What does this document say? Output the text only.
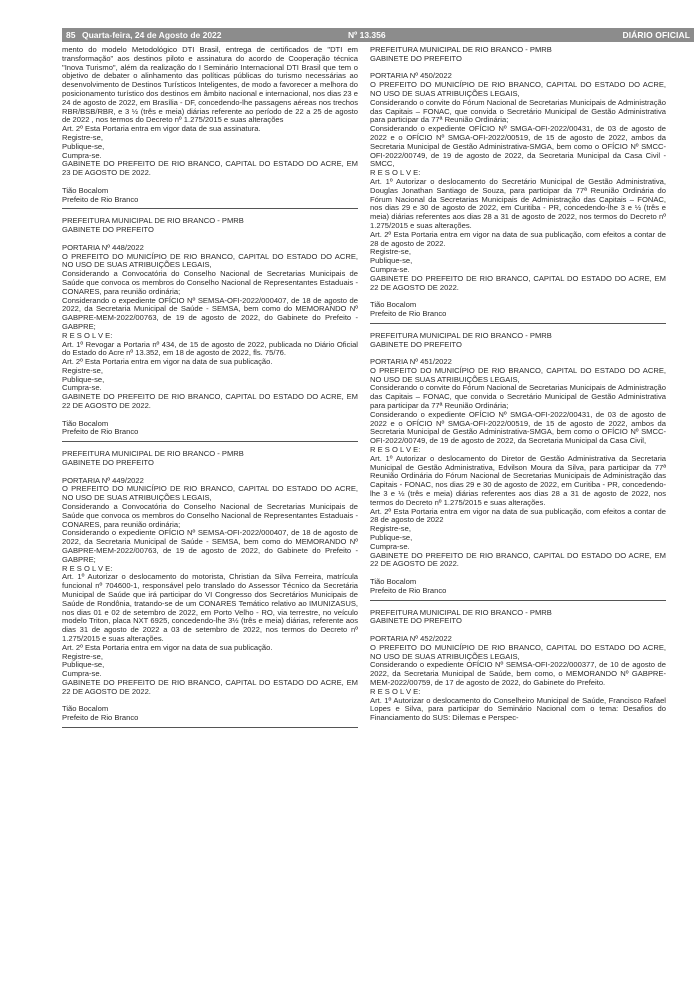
85 Quarta-feira, 24 de Agosto de 2022	Nº 13.356	DIÁRIO OFICIAL

mento do modelo Metodológico DTI Brasil, entrega de certificados de "DTI em transformação" aos destinos piloto e assinatura do acordo de Cooperação técnica "Inova Turismo", além da realização do I Seminário Internacional DTI Brasil que tem o objetivo de debater o alinhamento das políticas públicas do turismo necessárias ao desenvolvimento de Destinos Turísticos Inteligentes, de modo a favorecer a melhora do posicionamento turístico dos destinos em âmbito nacional e internacional, nos dias 23 e 24 de agosto de 2022, em Brasília - DF, concedendo-lhe passagens aéreas nos trechos RBR/BSB/RBR, e 3 ½ (três e meia) diárias referente ao período de 22 a 25 de agosto de 2022 , nos termos do Decreto nº 1.275/2015 e suas alterações

Art. 2º Esta Portaria entra em vigor data de sua assinatura.

Registre-se,

Publique-se,

Cumpra-se.

GABINETE DO PREFEITO DE RIO BRANCO, CAPITAL DO ESTADO DO ACRE, EM 23 DE AGOSTO DE 2022.

Tião Bocalom

Prefeito de Rio Branco

PREFEITURA MUNICIPAL DE RIO BRANCO - PMRB

GABINETE DO PREFEITO

PORTARIA Nº 448/2022

O PREFEITO DO MUNICÍPIO DE RIO BRANCO, CAPITAL DO ESTADO DO ACRE, NO USO DE SUAS ATRIBUIÇÕES LEGAIS,

Considerando a Convocatória do Conselho Nacional de Secretarias Municipais de Saúde que convoca os membros do Conselho Nacional de Representantes Estaduais - CONARES, para reunião ordinária;

Considerando o expediente OFÍCIO Nº SEMSA-OFI-2022/000407, de 18 de agosto de 2022, da Secretaria Municipal de Saúde - SEMSA, bem como do MEMORANDO Nº GABPRE-MEM-2022/00763, de 19 de agosto de 2022, do Gabinete do Prefeito - GABPRE;

R E S O L V E:

Art. 1º Revogar a Portaria nº 434, de 15 de agosto de 2022, publicada no Diário Oficial do Estado do Acre nº 13.352, em 18 de agosto de 2022, fls. 75/76.

Art. 2º Esta Portaria entra em vigor na data de sua publicação.

Registre-se,

Publique-se,

Cumpra-se.

GABINETE DO PREFEITO DE RIO BRANCO, CAPITAL DO ESTADO DO ACRE, EM 22 DE AGOSTO DE 2022.

Tião Bocalom

Prefeito de Rio Branco

PREFEITURA MUNICIPAL DE RIO BRANCO - PMRB

GABINETE DO PREFEITO

PORTARIA Nº 449/2022

O PREFEITO DO MUNICÍPIO DE RIO BRANCO, CAPITAL DO ESTADO DO ACRE, NO USO DE SUAS ATRIBUIÇÕES LEGAIS,

Considerando a Convocatória do Conselho Nacional de Secretarias Municipais de Saúde que convoca os membros do Conselho Nacional de Representantes Estaduais - CONARES, para reunião ordinária;

Considerando o expediente OFÍCIO Nº SEMSA-OFI-2022/000407, de 18 de agosto de 2022, da Secretaria Municipal de Saúde - SEMSA, bem como do MEMORANDO Nº GABPRE-MEM-2022/00763, de 19 de agosto de 2022, do Gabinete do Prefeito - GABPRE;

R E S O L V E:

Art. 1º Autorizar o deslocamento do motorista, Christian da Silva Ferreira, matrícula funcional nº 704600-1, responsável pelo translado do Assessor Técnico da Secretária Municipal de Saúde que irá participar do VI Congresso dos Secretários Municipais de Saúde de Rondônia, tratando-se de um CONARES Temático relativo ao IMUNIZASUS, nos dias 01 e 02 de setembro de 2022, em Porto Velho - RO, via terrestre, no veículo modelo Triton, placa NXT 6925, concedendo-lhe 3½ (três e meia) diárias, referente aos dias 31 de agosto de 2022 a 03 de setembro de 2022, nos termos do Decreto nº 1.275/2015 e suas alterações.

Art. 2º Esta Portaria entra em vigor na data de sua publicação.

Registre-se,

Publique-se,

Cumpra-se.

GABINETE DO PREFEITO DE RIO BRANCO, CAPITAL DO ESTADO DO ACRE, EM 22 DE AGOSTO DE 2022.

Tião Bocalom

Prefeito de Rio Branco

PREFEITURA MUNICIPAL DE RIO BRANCO - PMRB

GABINETE DO PREFEITO

PORTARIA Nº 450/2022

O PREFEITO DO MUNICÍPIO DE RIO BRANCO, CAPITAL DO ESTADO DO ACRE, NO USO DE SUAS ATRIBUIÇÕES LEGAIS,

Considerando o convite do Fórum Nacional de Secretarias Municipais de Administração das Capitais – FONAC, que convida o Secretário Municipal de Gestão Administrativa para participar da 77ª Reunião Ordinária;

Considerando o expediente OFÍCIO Nº SMGA-OFI-2022/00431, de 03 de agosto de 2022 e o OFÍCIO Nº SMGA-OFI-2022/00519, de 15 de agosto de 2022, ambos da Secretaria Municipal de Gestão Administrativa-SMGA, bem como o OFÍCIO Nº SMCC-OFI-2022/00749, de 19 de agosto de 2022, da Secretaria Municipal da Casa Civil - SMCC,

R E S O L V E:

Art. 1º Autorizar o deslocamento do Secretário Municipal de Gestão Administrativa, Douglas Jonathan Santiago de Souza, para participar da 77ª Reunião Ordinária do Fórum Nacional da Secretarias Municipais de Administração das Capitais – FONAC, nos dias 29 e 30 de agosto de 2022, em Curitiba - PR, concedendo-lhe 3 e ½ (três e meia) diárias referentes aos dias 28 a 31 de agosto de 2022, nos termos do Decreto nº 1.275/2015 e suas alterações.

Art. 2º Esta Portaria entra em vigor na data de sua publicação, com efeitos a contar de 28 de agosto de 2022.

Registre-se,

Publique-se,

Cumpra-se.

GABINETE DO PREFEITO DE RIO BRANCO, CAPITAL DO ESTADO DO ACRE, EM 22 DE AGOSTO DE 2022.

Tião Bocalom

Prefeito de Rio Branco

PREFEITURA MUNICIPAL DE RIO BRANCO - PMRB

GABINETE DO PREFEITO

PORTARIA Nº 451/2022

O PREFEITO DO MUNICÍPIO DE RIO BRANCO, CAPITAL DO ESTADO DO ACRE, NO USO DE SUAS ATRIBUIÇÕES LEGAIS,

Considerando o convite do Fórum Nacional de Secretarias Municipais de Administração das Capitais – FONAC, que convida o Secretário Municipal de Gestão Administrativa para participar da 77ª Reunião Ordinária;

Considerando o expediente OFÍCIO Nº SMGA-OFI-2022/00431, de 03 de agosto de 2022 e o OFÍCIO Nº SMGA-OFI-2022/00519, de 15 de agosto de 2022, ambos da Secretaria Municipal de Gestão Administrativa-SMGA, bem como o OFÍCIO Nº SMCC-OFI-2022/00749, de 19 de agosto de 2022, da Secretaria Municipal da Casa Civil,

R E S O L V E:

Art. 1º Autorizar o deslocamento do Diretor de Gestão Administrativa da Secretaria Municipal de Gestão Administrativa, Edvilson Moura da Silva, para participar da 77ª Reunião Ordinária do Fórum Nacional de Secretarias Municipais de Administração das Capitais - FONAC, nos dias 29 e 30 de agosto de 2022, em Curitiba - PR, concedendo-lhe 3 e ½ (três e meia) diárias referentes aos dias 28 a 31 de agosto de 2022, nos termos do Decreto nº 1.275/2015 e suas alterações.

Art. 2º Esta Portaria entra em vigor na data de sua publicação, com efeitos a contar de 28 de agosto de 2022

Registre-se,

Publique-se,

Cumpra-se.

GABINETE DO PREFEITO DE RIO BRANCO, CAPITAL DO ESTADO DO ACRE, EM 22 DE AGOSTO DE 2022.

Tião Bocalom

Prefeito de Rio Branco

PREFEITURA MUNICIPAL DE RIO BRANCO - PMRB

GABINETE DO PREFEITO

PORTARIA Nº 452/2022

O PREFEITO DO MUNICÍPIO DE RIO BRANCO, CAPITAL DO ESTADO DO ACRE, NO USO DE SUAS ATRIBUIÇÕES LEGAIS,

Considerando o expediente OFÍCIO Nº SEMSA-OFI-2022/000377, de 10 de agosto de 2022, da Secretaria Municipal de Saúde, bem como, o MEMORANDO Nº GABPRE-MEM-2022/00759, de 17 de agosto de 2022, do Gabinete do Prefeito.

R E S O L V E:

Art. 1º Autorizar o deslocamento do Conselheiro Municipal de Saúde, Francisco Rafael Lopes e Silva, para participar do Seminário Nacional com o tema: Desafios do Financiamento do SUS: Dilemas e Perspec-
